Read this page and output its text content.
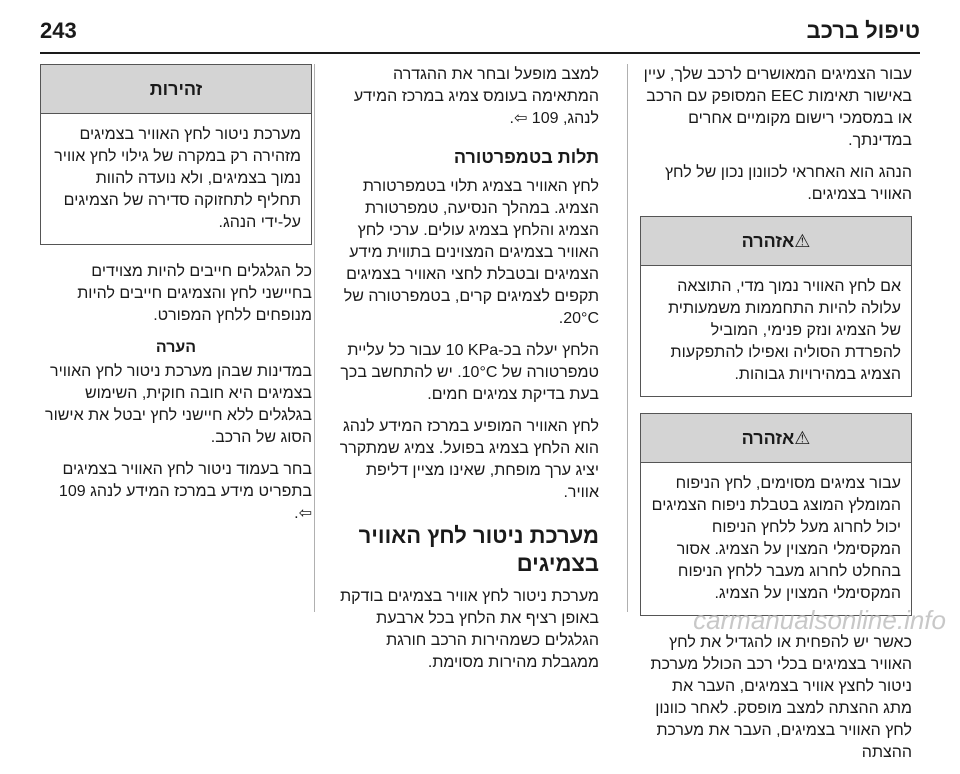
243	טיפול ברכב

עבור הצמיגים המאושרים לרכב שלך, עיין באישור תאימות EEC המסופק עם הרכב או במסמכי רישום מקומיים אחרים במדינתך.

הנהג הוא האחראי לכוונון נכון של לחץ האוויר בצמיגים.

⚠אזהרה

אם לחץ האוויר נמוך מדי, התוצאה עלולה להיות התחממות משמעותית של הצמיג ונזק פנימי, המוביל להפרדת הסוליה ואפילו להתפקעות הצמיג במהירויות גבוהות.

⚠אזהרה

עבור צמיגים מסוימים, לחץ הניפוח המומלץ המוצג בטבלת ניפוח הצמיגים יכול לחרוג מעל ללחץ הניפוח המקסימלי המצוין על הצמיג. אסור בהחלט לחרוג מעבר ללחץ הניפוח המקסימלי המצוין על הצמיג.

כאשר יש להפחית או להגדיל את לחץ האוויר בצמיגים בכלי רכב הכולל מערכת ניטור לחצץ אוויר בצמיגים, העבר את מתג ההצתה למצב מופסק. לאחר כוונון לחץ האוויר בצמיגים, העבר את מערכת ההצתה

למצב מופעל ובחר את ההגדרה המתאימה בעומס צמיג במרכז המידע לנהג, ‎109 ⇦.

תלות בטמפרטורה

לחץ האוויר בצמיג תלוי בטמפרטורת הצמיג. במהלך הנסיעה, טמפרטורת הצמיג והלחץ בצמיג עולים. ערכי לחץ האוויר בצמיגים המצוינים בתווית מידע הצמיגים ובטבלת לחצי האוויר בצמיגים תקפים לצמיגים קרים, בטמפרטורה של ‎20°C.

הלחץ יעלה בכ-‎10 KPa עבור כל עליית טמפרטורה של ‎10°C. יש להתחשב בכך בעת בדיקת צמיגים חמים.

לחץ האוויר המופיע במרכז המידע לנהג הוא הלחץ בצמיג בפועל. צמיג שמתקרר יציג ערך מופחת, שאינו מציין דליפת אוויר.

מערכת ניטור לחץ האוויר בצמיגים

מערכת ניטור לחץ אוויר בצמיגים בודקת באופן רציף את הלחץ בכל ארבעת הגלגלים כשמהירות הרכב חורגת ממגבלת מהירות מסוימת.

זהירות

מערכת ניטור לחץ האוויר בצמיגים מזהירה רק במקרה של גילוי לחץ אוויר נמוך בצמיגים, ולא נועדה להוות תחליף לתחזוקה סדירה של הצמיגים על-ידי הנהג.

כל הגלגלים חייבים להיות מצוידים בחיישני לחץ והצמיגים חייבים להיות מנופחים ללחץ המפורט.

הערה

במדינות שבהן מערכת ניטור לחץ האוויר בצמיגים היא חובה חוקית, השימוש בגלגלים ללא חיישני לחץ יבטל את אישור הסוג של הרכב.

בחר בעמוד ניטור לחץ האוויר בצמיגים בתפריט מידע במרכז המידע לנהג ‎109 ⇦.

carmanualsonline.info
